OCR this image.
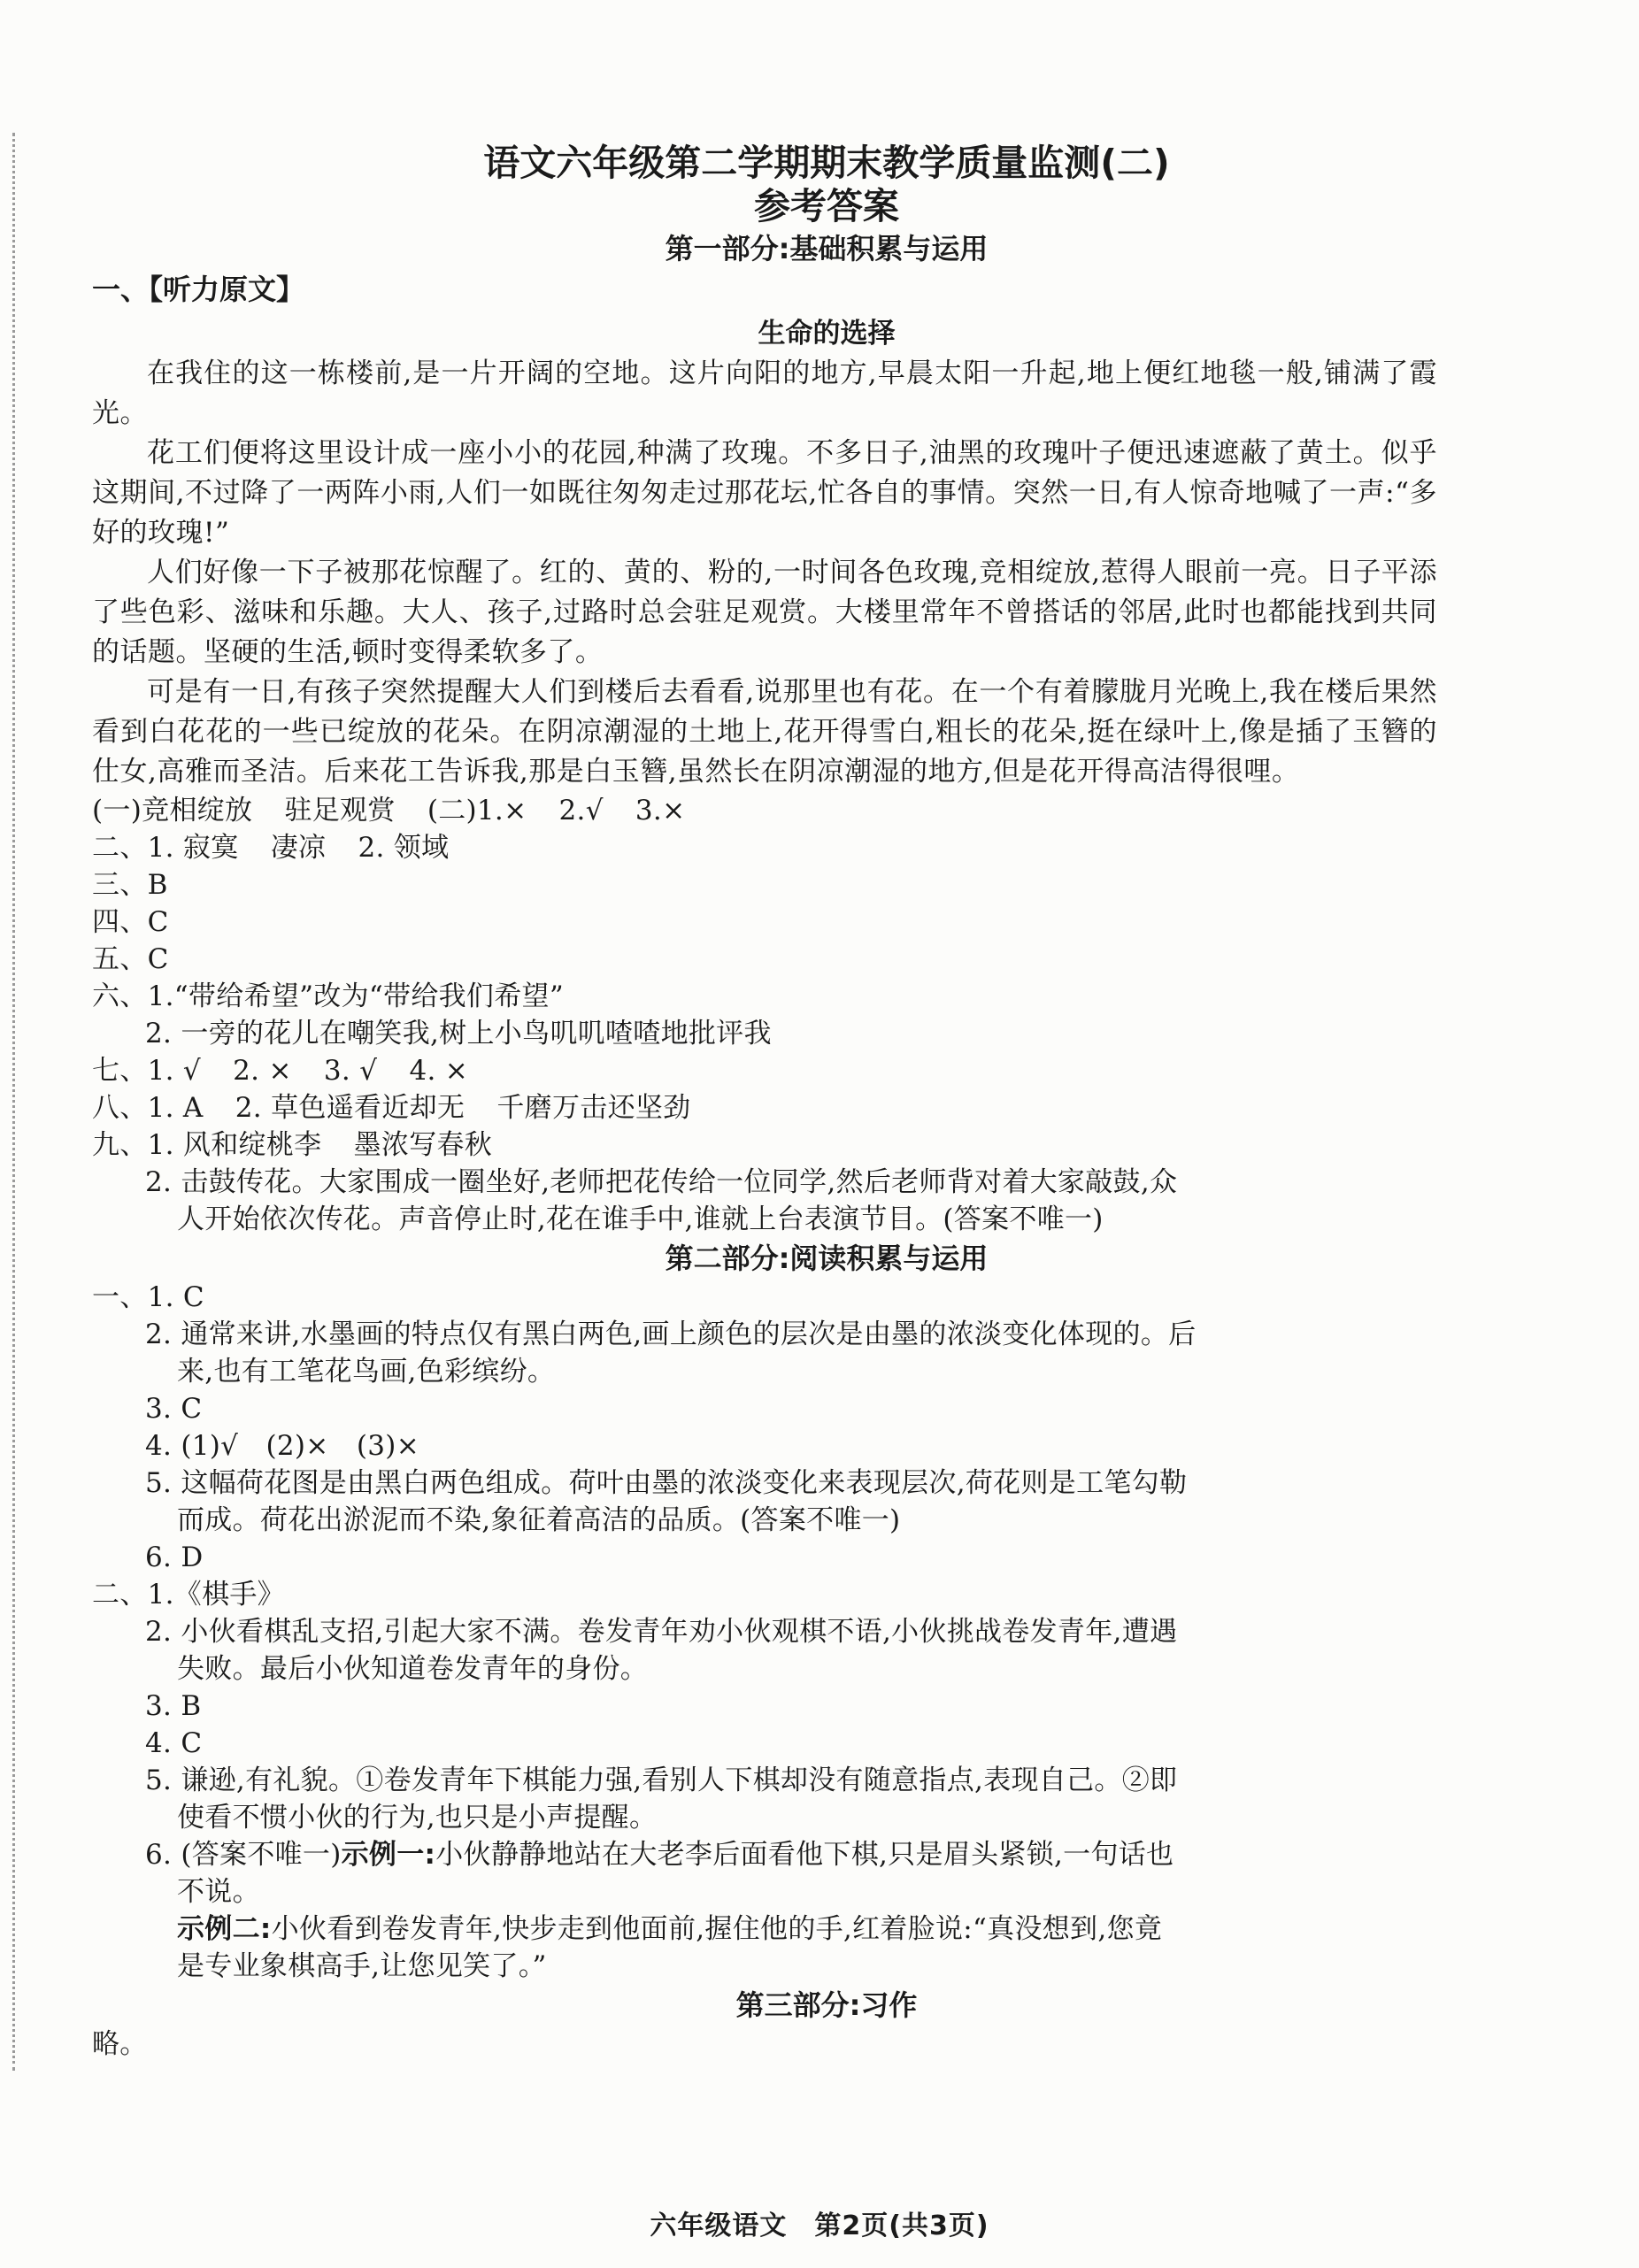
语文六年级第二学期期末教学质量监测(二)
参考答案
第一部分:基础积累与运用
一、【听力原文】
生命的选择

在我住的这一栋楼前,是一片开阔的空地。这片向阳的地方,早晨太阳一升起,地上便红地毯一般,铺满了霞光。

花工们便将这里设计成一座小小的花园,种满了玫瑰。不多日子,油黑的玫瑰叶子便迅速遮蔽了黄土。似乎这期间,不过降了一两阵小雨,人们一如既往匆匆走过那花坛,忙各自的事情。突然一日,有人惊奇地喊了一声:“多好的玫瑰!”

人们好像一下子被那花惊醒了。红的、黄的、粉的,一时间各色玫瑰,竞相绽放,惹得人眼前一亮。日子平添了些色彩、滋味和乐趣。大人、孩子,过路时总会驻足观赏。大楼里常年不曾搭话的邻居,此时也都能找到共同的话题。坚硬的生活,顿时变得柔软多了。

可是有一日,有孩子突然提醒大人们到楼后去看看,说那里也有花。在一个有着朦胧月光晚上,我在楼后果然看到白花花的一些已绽放的花朵。在阴凉潮湿的土地上,花开得雪白,粗长的花朵,挺在绿叶上,像是插了玉簪的仕女,高雅而圣洁。后来花工告诉我,那是白玉簪,虽然长在阴凉潮湿的地方,但是花开得高洁得很哩。

(一)竞相绽放 驻足观赏 (二)1.× 2.√ 3.×
二、1. 寂寞 凄凉 2. 领域
三、B
四、C
五、C
六、1.“带给希望”改为“带给我们希望”
2. 一旁的花儿在嘲笑我,树上小鸟叽叽喳喳地批评我
七、1. √ 2. × 3. √ 4. ×
八、1. A 2. 草色遥看近却无 千磨万击还坚劲
九、1. 风和绽桃李 墨浓写春秋
2. 击鼓传花。大家围成一圈坐好,老师把花传给一位同学,然后老师背对着大家敲鼓,众
人开始依次传花。声音停止时,花在谁手中,谁就上台表演节目。(答案不唯一)
第二部分:阅读积累与运用
一、1. C
2. 通常来讲,水墨画的特点仅有黑白两色,画上颜色的层次是由墨的浓淡变化体现的。后
来,也有工笔花鸟画,色彩缤纷。
3. C
4. (1)√　(2)×　(3)×
5. 这幅荷花图是由黑白两色组成。荷叶由墨的浓淡变化来表现层次,荷花则是工笔勾勒
而成。荷花出淤泥而不染,象征着高洁的品质。(答案不唯一)
6. D
二、1.《棋手》
2. 小伙看棋乱支招,引起大家不满。卷发青年劝小伙观棋不语,小伙挑战卷发青年,遭遇
失败。最后小伙知道卷发青年的身份。
3. B
4. C
5. 谦逊,有礼貌。①卷发青年下棋能力强,看别人下棋却没有随意指点,表现自己。②即
使看不惯小伙的行为,也只是小声提醒。
6. (答案不唯一)示例一:小伙静静地站在大老李后面看他下棋,只是眉头紧锁,一句话也
不说。
示例二:小伙看到卷发青年,快步走到他面前,握住他的手,红着脸说:“真没想到,您竟
是专业象棋高手,让您见笑了。”
第三部分:习作
略。
六年级语文　第2页(共3页)
